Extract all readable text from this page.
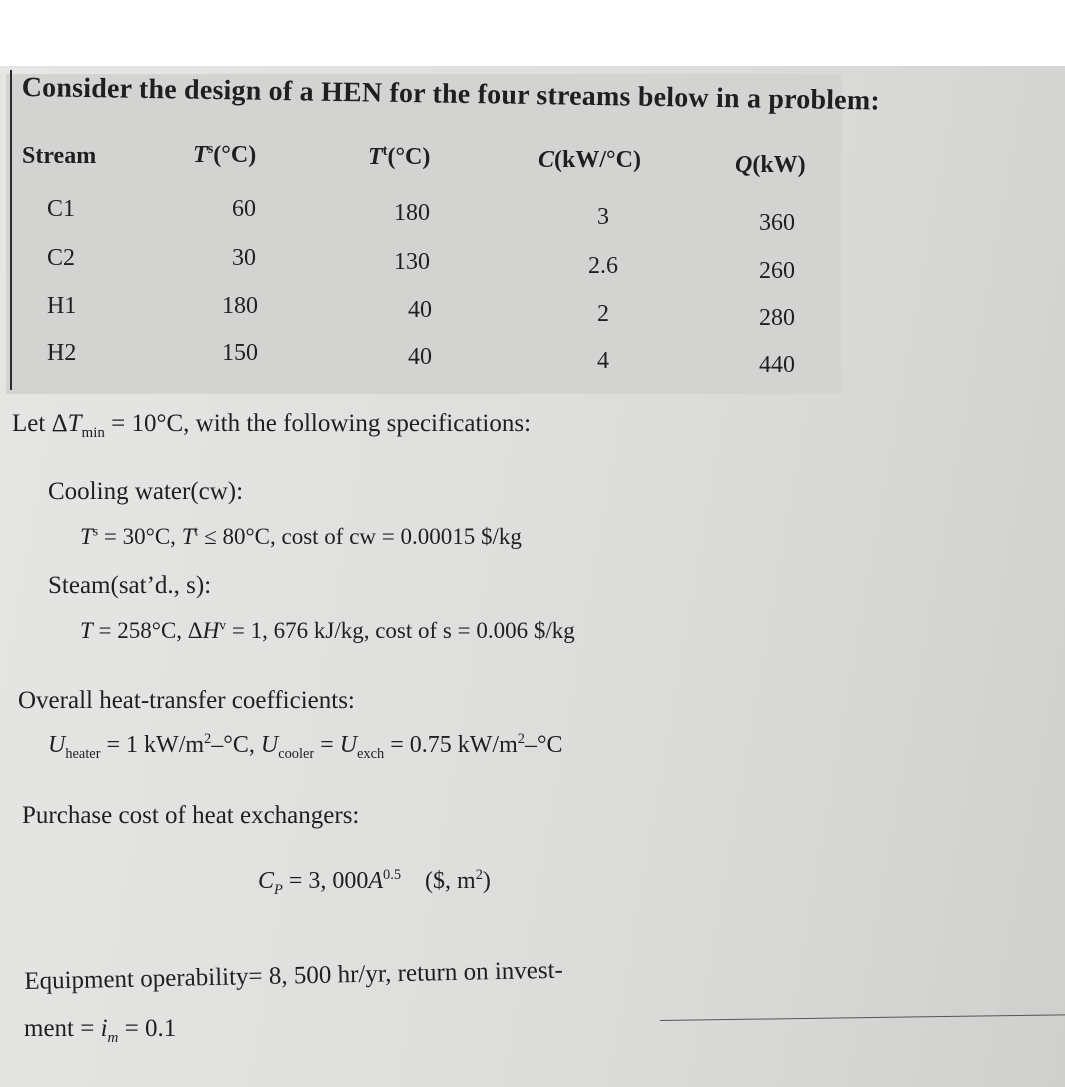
Consider the design of a HEN for the four streams below in a problem:
Stream	$T^s(^\circ C)$	$T^t(^\circ C)$	C(kW/°C)	Q(kW)
C1	60	180	3	360
C2	30	130	2.6	260
H1	180	40	2	280
H2	150	40	4	440
Let $\Delta T_{min} = 10^\circ C$, with the following specifications:
Cooling water(cw):
$T^s = 30^\circ C$, $T^t \le 80^\circ C$, cost of cw = 0.00015 $/kg
Steam(sat’d., s):
T = 258°C, $\Delta H^v = 1$, 676 kJ/kg, cost of s = 0.006 $/kg
Overall heat-transfer coefficients:
$U_{heater} = 1$ $kW/m^2-^\circ C$, $U_{cooler} = U_{exch} = 0.75$ $kW/m^2-^\circ C$
Purchase cost of heat exchangers:
$C_P = 3$, $000A^{0.5}$    ($, $m^2$)
Equipment operability= 8, 500 hr/yr, return on invest-
ment = $i_m = 0.1$
